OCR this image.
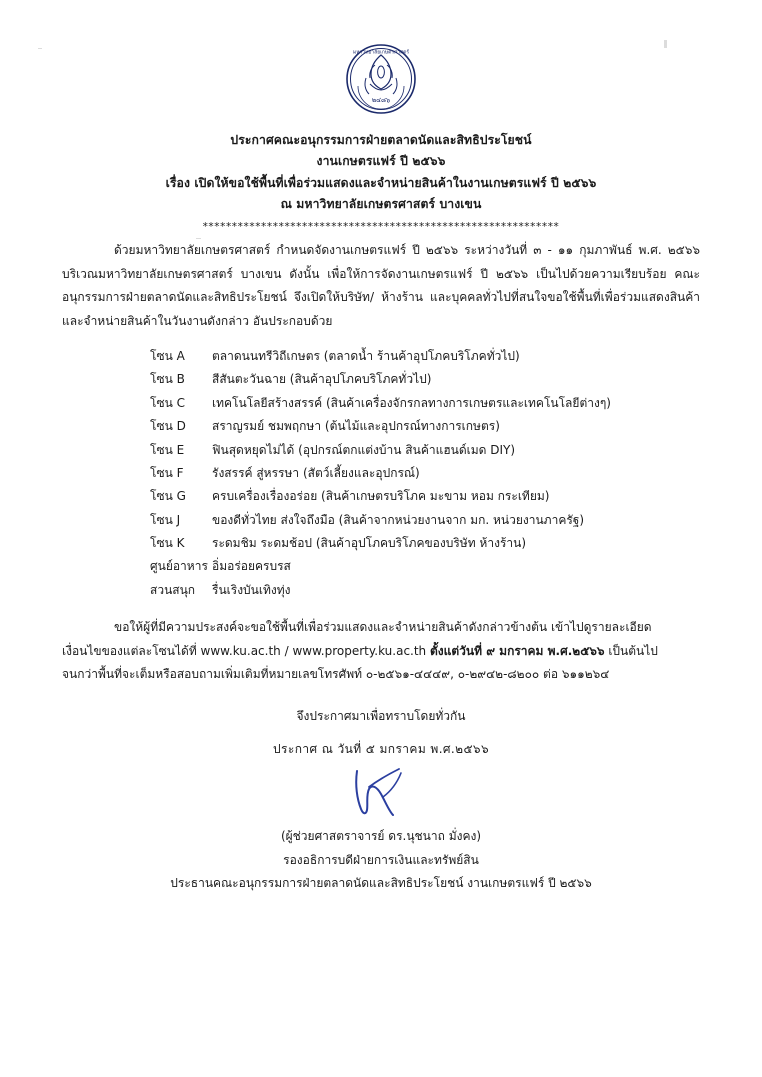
๒๔๘๖
มหาวิทยาลัยเกษตรศาสตร์
ประกาศคณะอนุกรรมการฝ่ายตลาดนัดและสิทธิประโยชน์
งานเกษตรแฟร์ ปี ๒๕๖๖
เรื่อง เปิดให้ขอใช้พื้นที่เพื่อร่วมแสดงและจำหน่ายสินค้าในงานเกษตรแฟร์ ปี ๒๕๖๖
ณ มหาวิทยาลัยเกษตรศาสตร์ บางเขน
*************************************************************

ด้วยมหาวิทยาลัยเกษตรศาสตร์ กำหนดจัดงานเกษตรแฟร์ ปี ๒๕๖๖ ระหว่างวันที่ ๓ - ๑๑ กุมภาพันธ์ พ.ศ. ๒๕๖๖ บริเวณมหาวิทยาลัยเกษตรศาสตร์ บางเขน ดังนั้น เพื่อให้การจัดงานเกษตรแฟร์ ปี ๒๕๖๖ เป็นไปด้วยความเรียบร้อย คณะอนุกรรมการฝ่ายตลาดนัดและสิทธิประโยชน์ จึงเปิดให้บริษัท/ ห้างร้าน และบุคคลทั่วไปที่สนใจขอใช้พื้นที่เพื่อร่วมแสดงสินค้าและจำหน่ายสินค้าในวันงานดังกล่าว อันประกอบด้วย

โซน A	ตลาดนนทรีวิถีเกษตร (ตลาดน้ำ ร้านค้าอุปโภคบริโภคทั่วไป)
โซน B	สีสันตะวันฉาย (สินค้าอุปโภคบริโภคทั่วไป)
โซน C	เทคโนโลยีสร้างสรรค์ (สินค้าเครื่องจักรกลทางการเกษตรและเทคโนโลยีต่างๆ)
โซน D	สราญรมย์ ชมพฤกษา (ต้นไม้และอุปกรณ์ทางการเกษตร)
โซน E	ฟินสุดหยุดไม่ได้ (อุปกรณ์ตกแต่งบ้าน สินค้าแฮนด์เมด DIY)
โซน F	รังสรรค์ สู่หรรษา (สัตว์เลี้ยงและอุปกรณ์)
โซน G	ครบเครื่องเรื่องอร่อย (สินค้าเกษตรบริโภค มะขาม หอม กระเทียม)
โซน J	ของดีทั่วไทย ส่งใจถึงมือ (สินค้าจากหน่วยงานจาก มก. หน่วยงานภาครัฐ)
โซน K	ระดมชิม ระดมช้อป (สินค้าอุปโภคบริโภคของบริษัท ห้างร้าน)
ศูนย์อาหาร	อิ่มอร่อยครบรส
สวนสนุก	รื่นเริงบันเทิงทุ่ง

ขอให้ผู้ที่มีความประสงค์จะขอใช้พื้นที่เพื่อร่วมแสดงและจำหน่ายสินค้าดังกล่าวข้างต้น เข้าไปดูรายละเอียด

เงื่อนไขของแต่ละโซนได้ที่ www.ku.ac.th / www.property.ku.ac.th ตั้งแต่วันที่ ๙ มกราคม พ.ศ.๒๕๖๖ เป็นต้นไป

จนกว่าพื้นที่จะเต็มหรือสอบถามเพิ่มเติมที่หมายเลขโทรศัพท์ ๐-๒๕๖๑-๔๔๔๙, ๐-๒๙๔๒-๘๒๐๐ ต่อ ๖๑๑๒๖๔

จึงประกาศมาเพื่อทราบโดยทั่วกัน
ประกาศ ณ วันที่ ๕ มกราคม พ.ศ.๒๕๖๖
(ผู้ช่วยศาสตราจารย์ ดร.นุชนาถ มั่งคง)
รองอธิการบดีฝ่ายการเงินและทรัพย์สิน
ประธานคณะอนุกรรมการฝ่ายตลาดนัดและสิทธิประโยชน์ งานเกษตรแฟร์ ปี ๒๕๖๖
